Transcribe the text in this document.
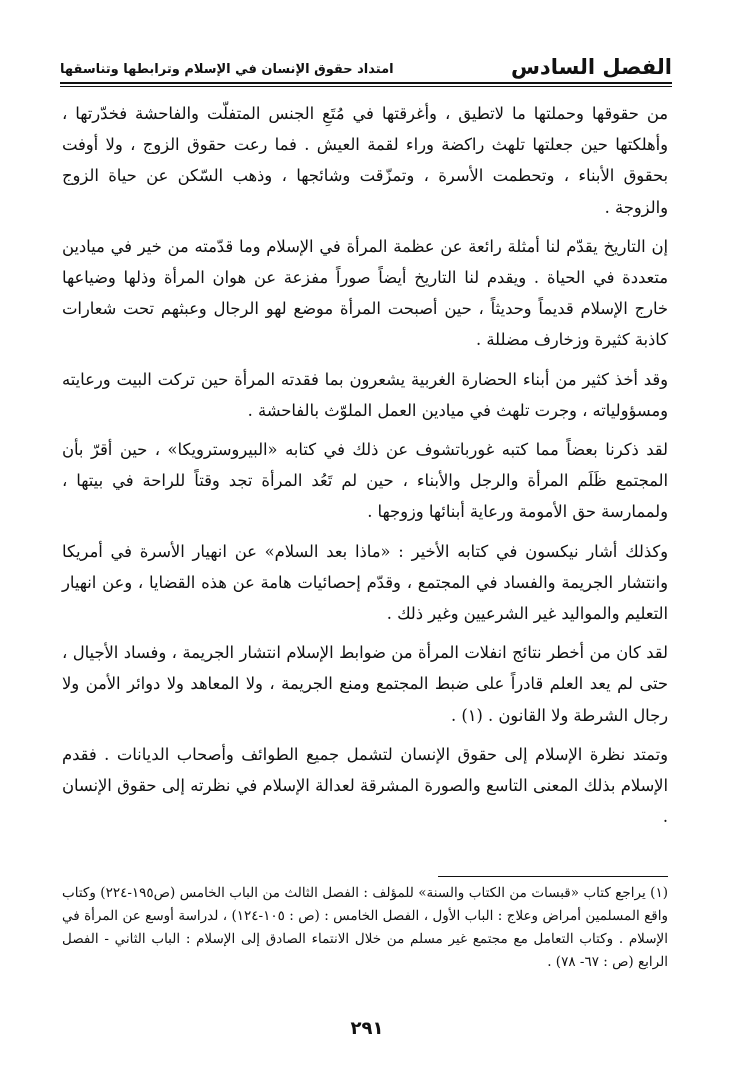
الفصل السادس
امتداد حقوق الإنسان في الإسلام وترابطها وتناسقها

من حقوقها وحملتها ما لاتطيق ، وأغرقتها في مُتَعِ الجنس المتفلّت والفاحشة فخدّرتها ، وأهلكتها حين جعلتها تلهث راكضة وراء لقمة العيش . فما رعت حقوق الزوج ، ولا أوفت بحقوق الأبناء ، وتحطمت الأسرة ، وتمزّقت وشائجها ، وذهب السّكن عن حياة الزوج والزوجة .

إن التاريخ يقدّم لنا أمثلة رائعة عن عظمة المرأة في الإسلام وما قدّمته من خير في ميادين متعددة في الحياة . ويقدم لنا التاريخ أيضاً صوراً مفزعة عن هوان المرأة وذلها وضياعها خارج الإسلام قديماً وحديثاً ، حين أصبحت المرأة موضع لهو الرجال وعبثهم تحت شعارات كاذبة كثيرة وزخارف مضللة .

وقد أخذ كثير من أبناء الحضارة الغربية يشعرون بما فقدته المرأة حين تركت البيت ورعايته ومسؤولياته ، وجرت تلهث في ميادين العمل الملوّث بالفاحشة .

لقد ذكرنا بعضاً مما كتبه غورباتشوف عن ذلك في كتابه «البيروسترويكا» ، حين أقرّ بأن المجتمع ظَلَم المرأة والرجل والأبناء ، حين لم تَعُد المرأة تجد وقتاً للراحة في بيتها ، ولممارسة حق الأمومة ورعاية أبنائها وزوجها .

وكذلك أشار نيكسون في كتابه الأخير : «ماذا بعد السلام» عن انهيار الأسرة في أمريكا وانتشار الجريمة والفساد في المجتمع ، وقدّم إحصائيات هامة عن هذه القضايا ، وعن انهيار التعليم والمواليد غير الشرعيين وغير ذلك .

لقد كان من أخطر نتائج انفلات المرأة من ضوابط الإسلام انتشار الجريمة ، وفساد الأجيال ، حتى لم يعد العلم قادراً على ضبط المجتمع ومنع الجريمة ، ولا المعاهد ولا دوائر الأمن ولا رجال الشرطة ولا القانون . (١) .

وتمتد نظرة الإسلام إلى حقوق الإنسان لتشمل جميع الطوائف وأصحاب الديانات . فقدم الإسلام بذلك المعنى التاسع والصورة المشرقة لعدالة الإسلام في نظرته إلى حقوق الإنسان .

(١) يراجع كتاب «قبسات من الكتاب والسنة» للمؤلف : الفصل الثالث من الباب الخامس (ص١٩٥-٢٢٤) وكتاب واقع المسلمين أمراض وعلاج : الباب الأول ، الفصل الخامس : (ص : ١٠٥-١٢٤) ، لدراسة أوسع عن المرأة في الإسلام . وكتاب التعامل مع مجتمع غير مسلم من خلال الانتماء الصادق إلى الإسلام : الباب الثاني - الفصل الرابع (ص : ٦٧- ٧٨) .

٢٩١
